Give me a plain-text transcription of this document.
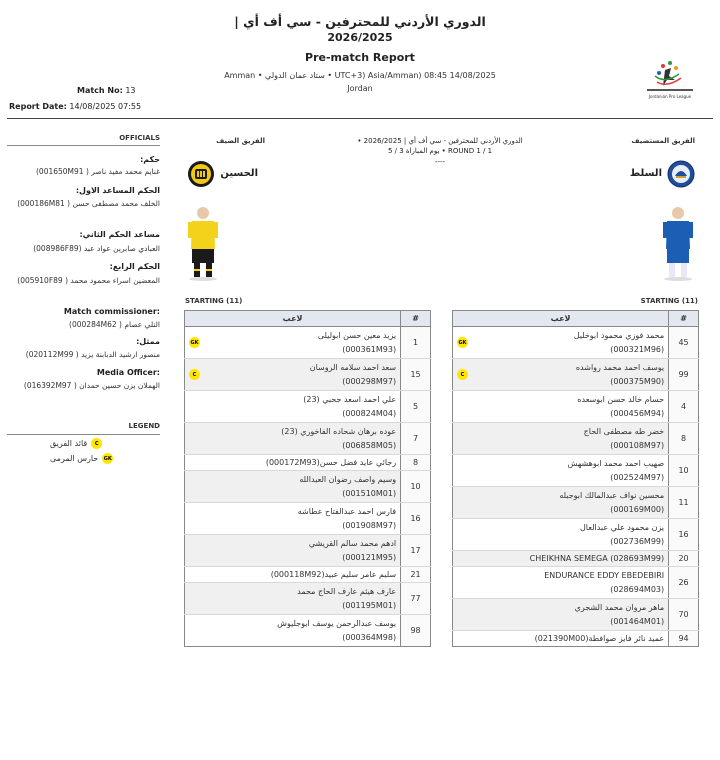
الدوري الأردني للمحترفين - سي أف أي |
2026/2025
Pre-match Report
Amman • ستاد عمان الدولي • UTC+3) Asia/Amman) 08:45 14/08/2025
Jordan
Match No: 13
Report Date: 14/08/2025 07:55
Jordanian Pro League
OFFICIALS
حكم:
غنايم محمد مفيد ناصر ( 001650M91)
الحكم المساعد الاول:
الخلف محمد مصطفى حسن ( 000186M81)
مساعد الحكم الثاني:
العبادي صابرين عواد عبد (008986F89)
الحكم الرابع:
المعضين اسراء محمود محمد ( 005910F89)
Match commissioner:
التلي عصام ( 000284M62)
ممثل:
منصور ارشيد الدبابنة يزيد ( 020112M99)
Media Officer:
الهملان يزن حسين حمدان ( 016392M97)
LEGEND
C
قائد الفريق
GK
حارس المرمى
الفريق المستضيف
الفريق الضيف	الدوري الأردني للمحترفين - سي أف أي | 2026/2025 •
ROUND 1 / 1 • يوم المباراة 3 / 5
----
السلط
الحسين
STARTING (11)
STARTING (11)
لاعب	#

محمد فوزي محمود ابوخليل
(000321M96)
GK	45

يوسف احمد محمد رواشده
(000375M90)
C	99

حسام خالد حسن ابوسعده
(000456M94)	4

خضر طه مصطفى الحاج
(000108M97)	8

صهيب احمد محمد ابوهشهش
(002524M97)	10

محسين نواف عبدالمالك ابوجبله
(000169M00)	11

يزن محمود علي عبدالعال
(002736M99)	16

CHEIKHNA SEMEGA (028693M99)	20

ENDURANCE EDDY EBEDEBIRI
(028694M03)	26

ماهر مروان محمد الشجري
(001464M01)	70

عميد نائر فايز صوافطة(021390M00)	94
لاعب	#

يزيد معين حسن ابوليلى
(000361M93)
GK	1

سعد احمد سلامه الروسان
(000298M97)
C	15

علي احمد اسعد جحبي (23)
(000824M04)	5

عوده برهان شحاده الفاخوري (23)
(006858M05)	7

رجائي عايد فضل حسن(000172M93)	8

وسيم واصف رضوان العبدالله
(001510M01)	10

فارس احمد عبدالفتاح عطاشه
(001908M97)	16

ادهم محمد سالم القريشي
(000121M95)	17

سليم عامر سليم عبيد(000118M92)	21

عارف هيثم عارف الحاج محمد
(001195M01)	77

يوسف عبدالرحمن يوسف ابوجليوش
(000364M98)	98
